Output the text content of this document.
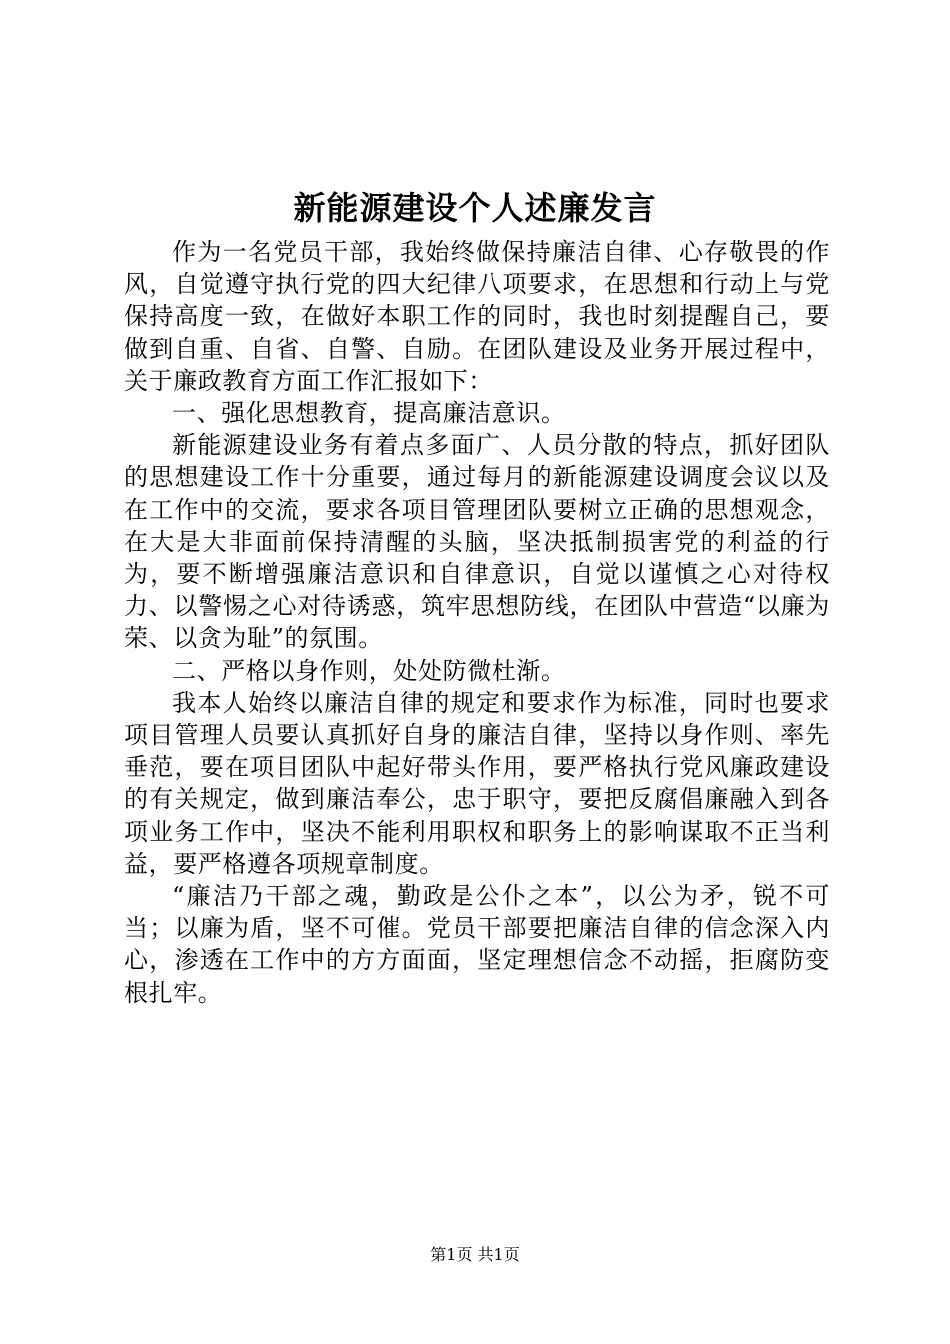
新能源建设个人述廉发言

作为一名党员干部，我始终做保持廉洁自律、心存敬畏的作风，自觉遵守执行党的四大纪律八项要求，在思想和行动上与党保持高度一致，在做好本职工作的同时，我也时刻提醒自己，要做到自重、自省、自警、自励。在团队建设及业务开展过程中，关于廉政教育方面工作汇报如下：

一、强化思想教育，提高廉洁意识。

新能源建设业务有着点多面广、人员分散的特点，抓好团队的思想建设工作十分重要，通过每月的新能源建设调度会议以及在工作中的交流，要求各项目管理团队要树立正确的思想观念，在大是大非面前保持清醒的头脑，坚决抵制损害党的利益的行为，要不断增强廉洁意识和自律意识，自觉以谨慎之心对待权力、以警惕之心对待诱惑，筑牢思想防线，在团队中营造“以廉为荣、以贪为耻”的氛围。

二、严格以身作则，处处防微杜渐。

我本人始终以廉洁自律的规定和要求作为标准，同时也要求项目管理人员要认真抓好自身的廉洁自律，坚持以身作则、率先垂范，要在项目团队中起好带头作用，要严格执行党风廉政建设的有关规定，做到廉洁奉公，忠于职守，要把反腐倡廉融入到各项业务工作中，坚决不能利用职权和职务上的影响谋取不正当利益，要严格遵各项规章制度。

“廉洁乃干部之魂，勤政是公仆之本”，以公为矛，锐不可当；以廉为盾，坚不可催。党员干部要把廉洁自律的信念深入内心，渗透在工作中的方方面面，坚定理想信念不动摇，拒腐防变根扎牢。

第1页 共1页
